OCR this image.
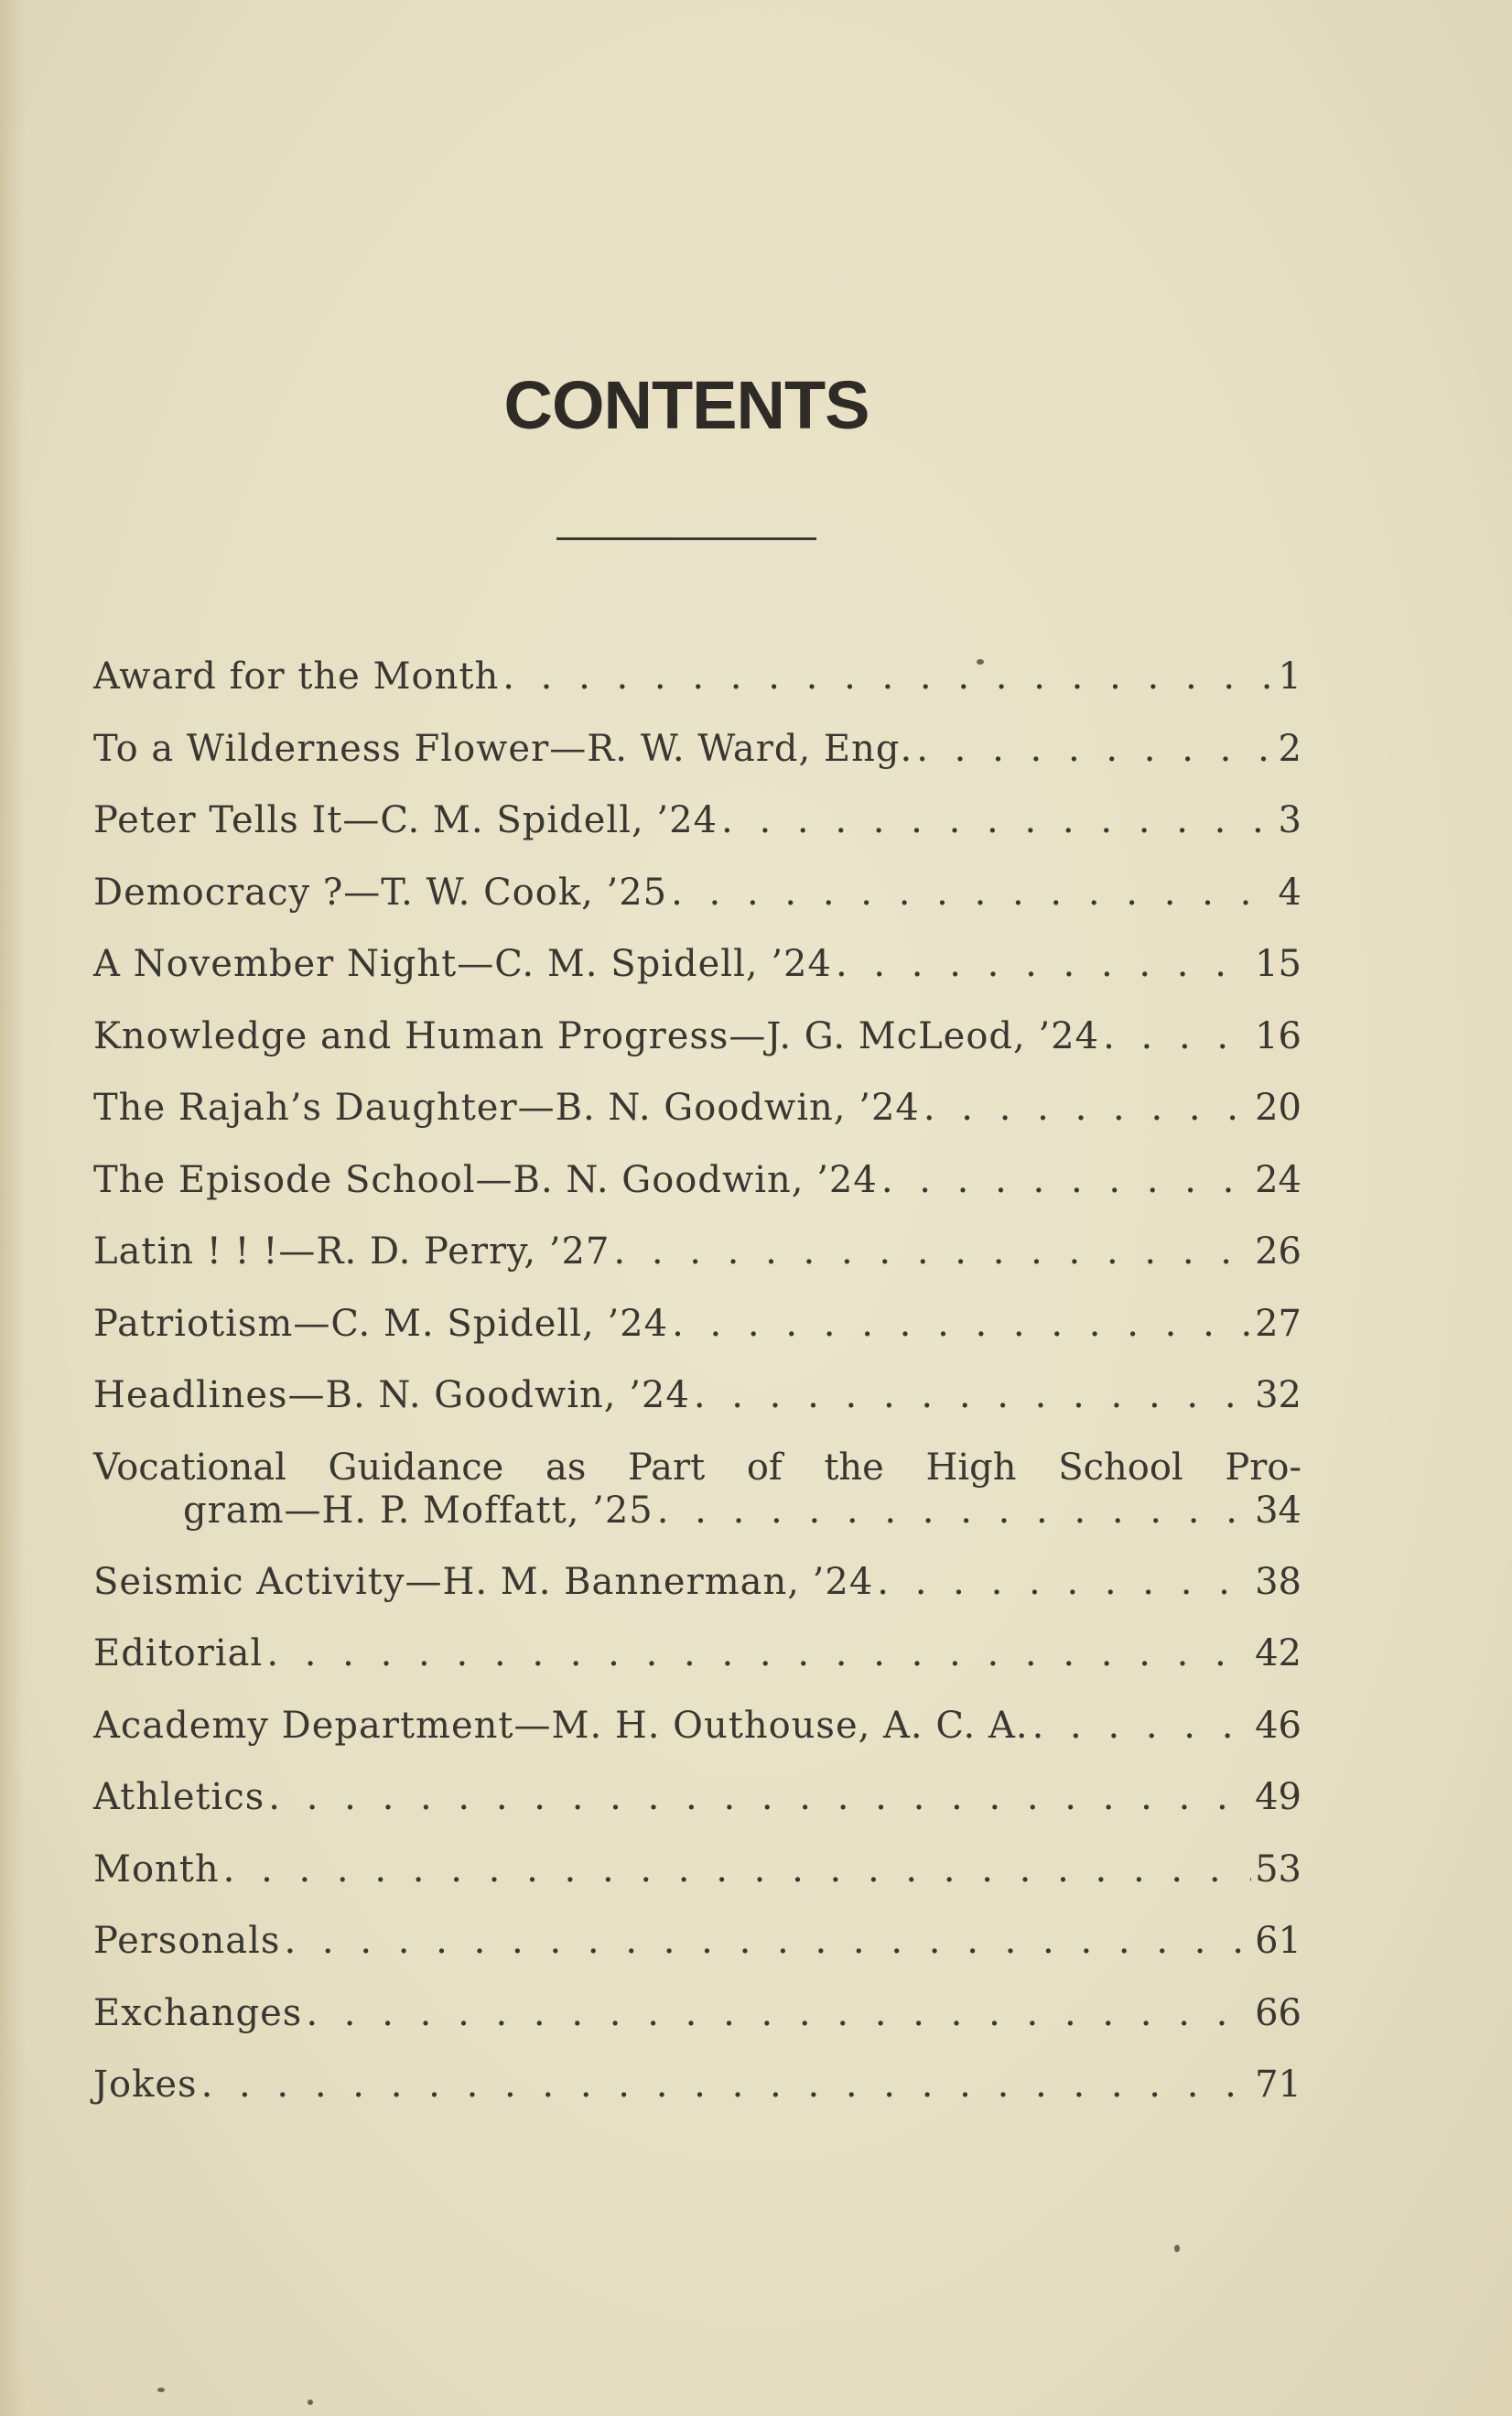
CONTENTS
Award for the Month . . .	1
To a Wilderness Flower—R. W. Ward, Eng. . . .	2
Peter Tells It—C. M. Spidell, ’24 . . .	3
Democracy ?—T. W. Cook, ’25 . . .	4
A November Night—C. M. Spidell, ’24 . . .	15
Knowledge and Human Progress—J. G. McLeod, ’24 . . .	16
The Rajah’s Daughter—B. N. Goodwin, ’24 . . .	20
The Episode School—B. N. Goodwin, ’24 . . .	24
Latin ! ! !—R. D. Perry, ’27 . . .	26
Patriotism—C. M. Spidell, ’24 . . .	27
Headlines—B. N. Goodwin, ’24 . . .	32
Vocational Guidance as Part of the High School Pro-
gram—H. P. Moffatt, ’25 . . .	34
Seismic Activity—H. M. Bannerman, ’24 . . .	38
Editorial . . .	42
Academy Department—M. H. Outhouse, A. C. A. . . .	46
Athletics . . .	49
Month . . .	53
Personals . . .	61
Exchanges . . .	66
Jokes . . .	71
